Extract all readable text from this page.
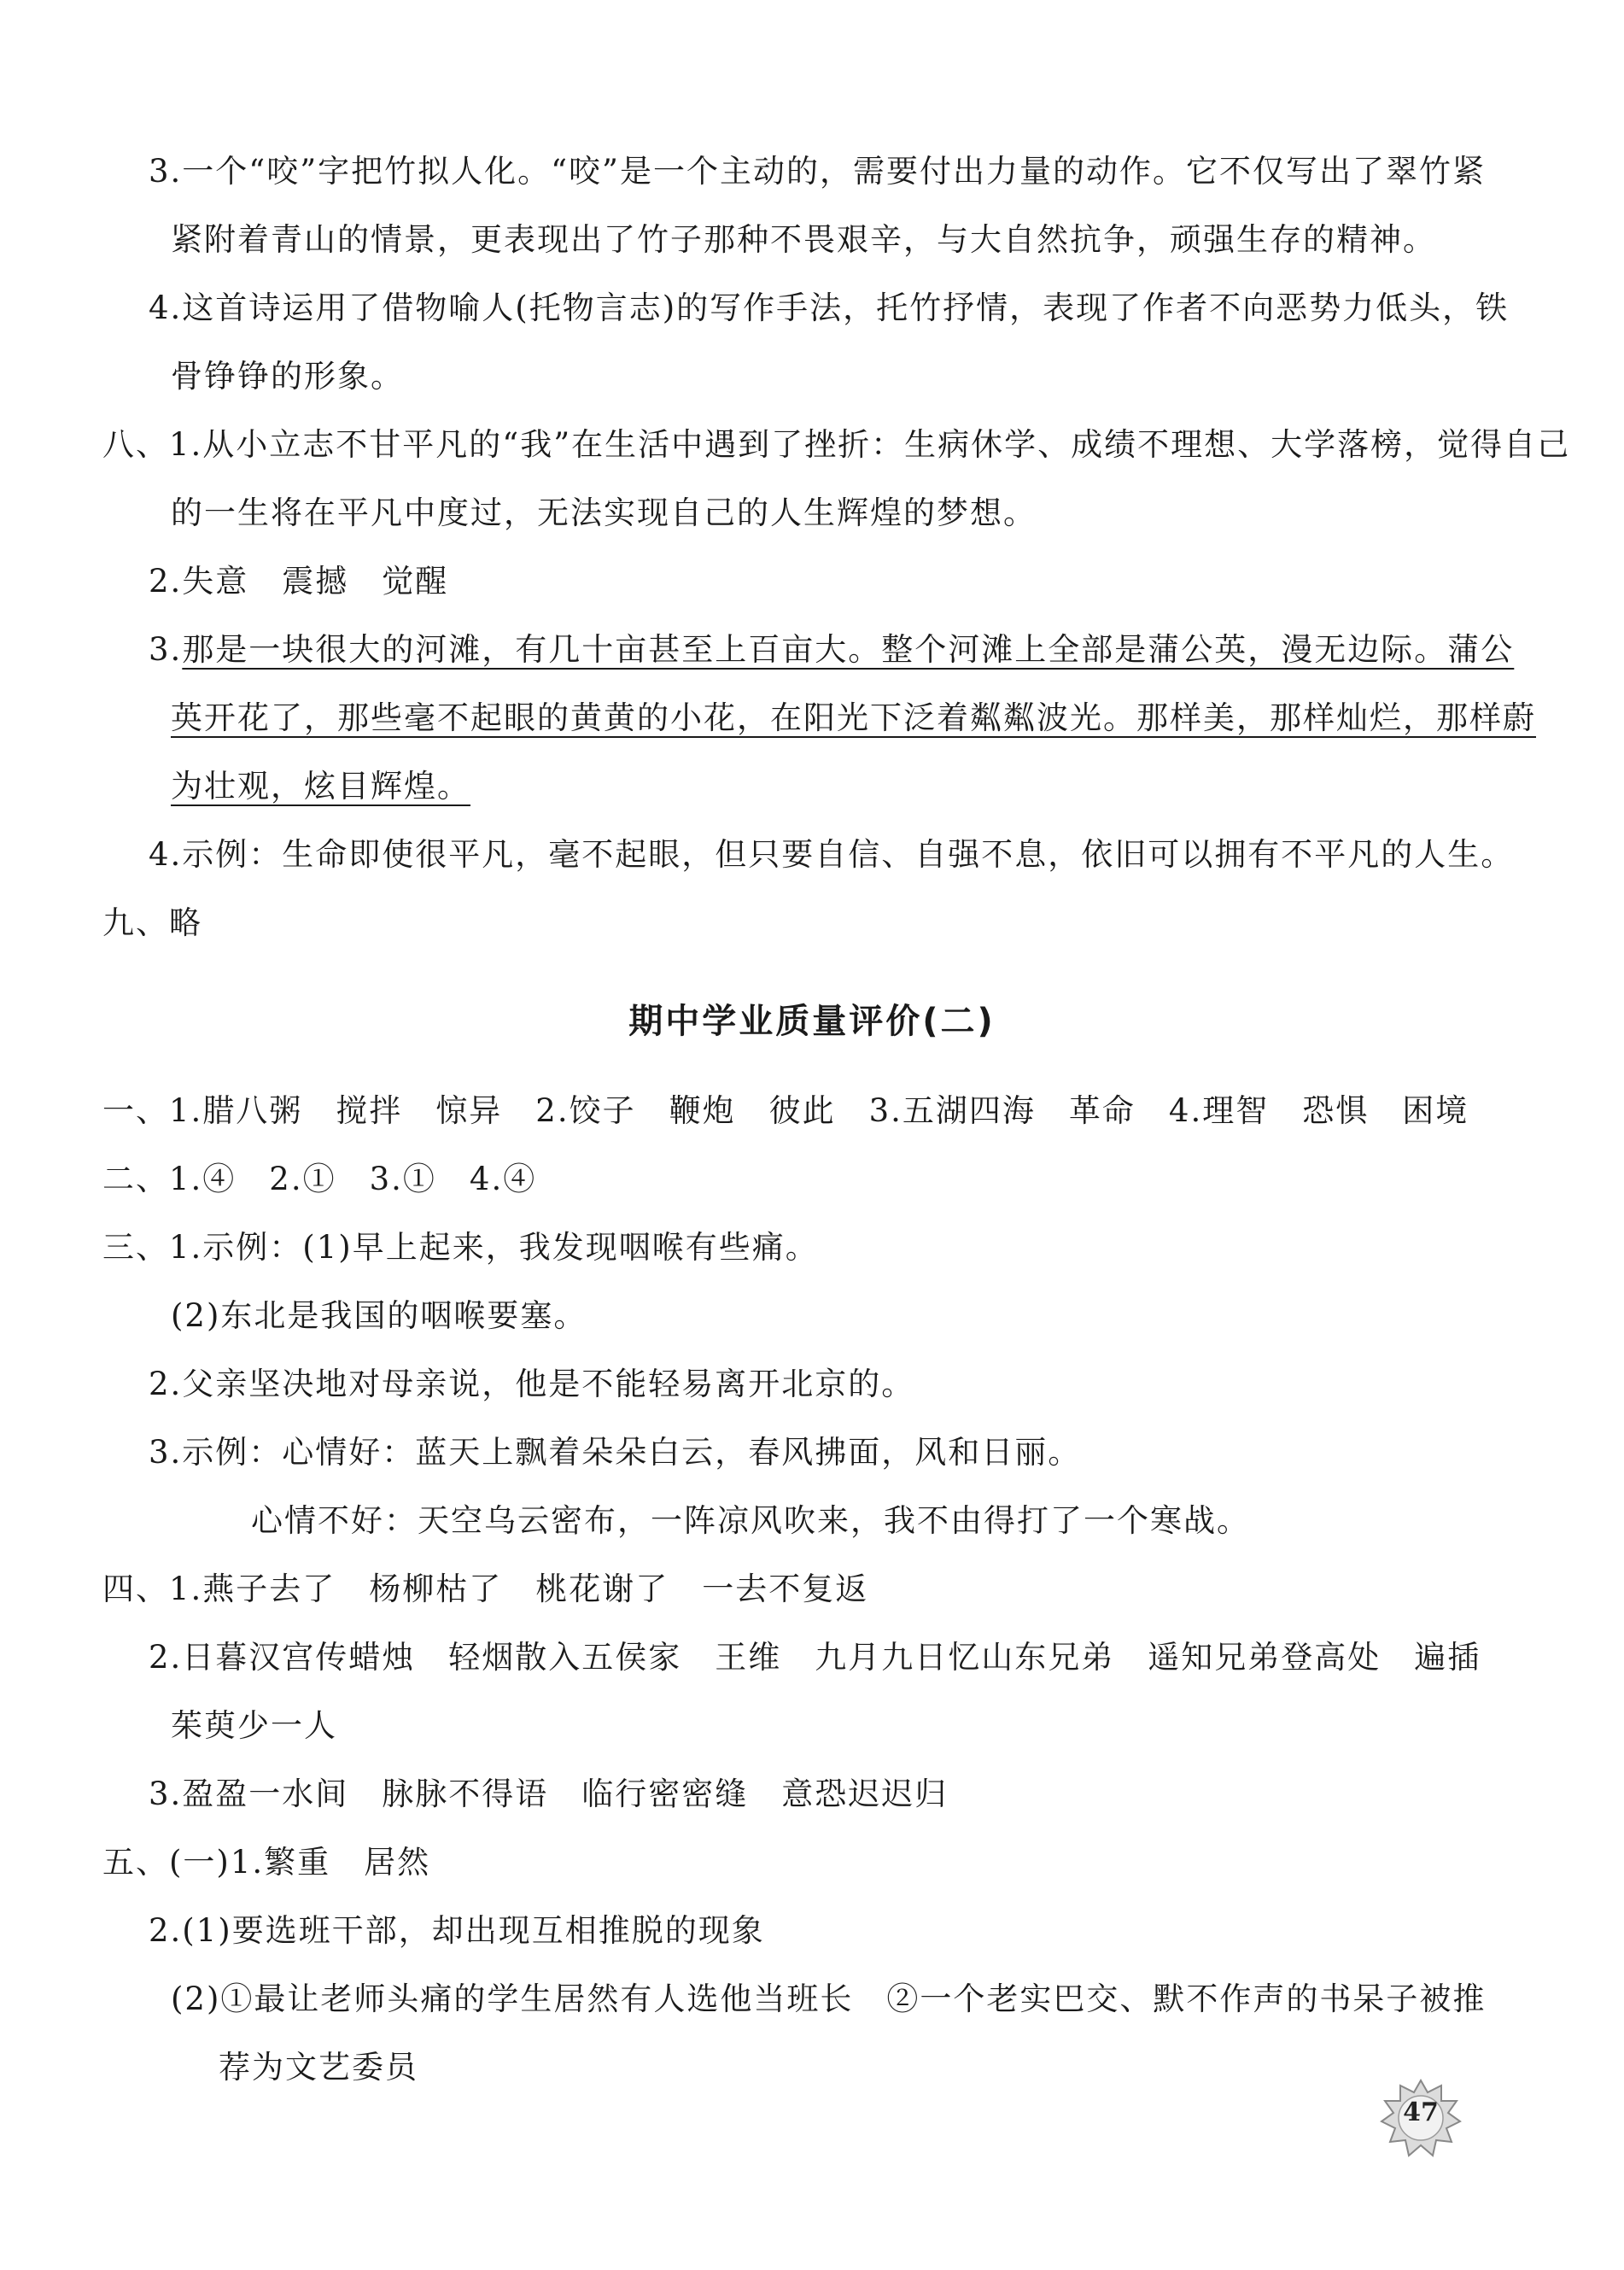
3.一个“咬”字把竹拟人化。“咬”是一个主动的，需要付出力量的动作。它不仅写出了翠竹紧
紧附着青山的情景，更表现出了竹子那种不畏艰辛，与大自然抗争，顽强生存的精神。
4.这首诗运用了借物喻人(托物言志)的写作手法，托竹抒情，表现了作者不向恶势力低头，铁
骨铮铮的形象。
八、1.从小立志不甘平凡的“我”在生活中遇到了挫折：生病休学、成绩不理想、大学落榜，觉得自己
的一生将在平凡中度过，无法实现自己的人生辉煌的梦想。
2.失意　震撼　觉醒
3.那是一块很大的河滩，有几十亩甚至上百亩大。整个河滩上全部是蒲公英，漫无边际。蒲公
英开花了，那些毫不起眼的黄黄的小花，在阳光下泛着粼粼波光。那样美，那样灿烂，那样蔚
为壮观，炫目辉煌。
4.示例：生命即使很平凡，毫不起眼，但只要自信、自强不息，依旧可以拥有不平凡的人生。
九、略
期中学业质量评价(二)
一、1.腊八粥　搅拌　惊异　2.饺子　鞭炮　彼此　3.五湖四海　革命　4.理智　恐惧　困境
二、1.④　2.①　3.①　4.④
三、1.示例：(1)早上起来，我发现咽喉有些痛。
(2)东北是我国的咽喉要塞。
2.父亲坚决地对母亲说，他是不能轻易离开北京的。
3.示例：心情好：蓝天上飘着朵朵白云，春风拂面，风和日丽。
心情不好：天空乌云密布，一阵凉风吹来，我不由得打了一个寒战。
四、1.燕子去了　杨柳枯了　桃花谢了　一去不复返
2.日暮汉宫传蜡烛　轻烟散入五侯家　王维　九月九日忆山东兄弟　遥知兄弟登高处　遍插
茱萸少一人
3.盈盈一水间　脉脉不得语　临行密密缝　意恐迟迟归
五、(一)1.繁重　居然
2.(1)要选班干部，却出现互相推脱的现象
(2)①最让老师头痛的学生居然有人选他当班长　②一个老实巴交、默不作声的书呆子被推
荐为文艺委员
47
